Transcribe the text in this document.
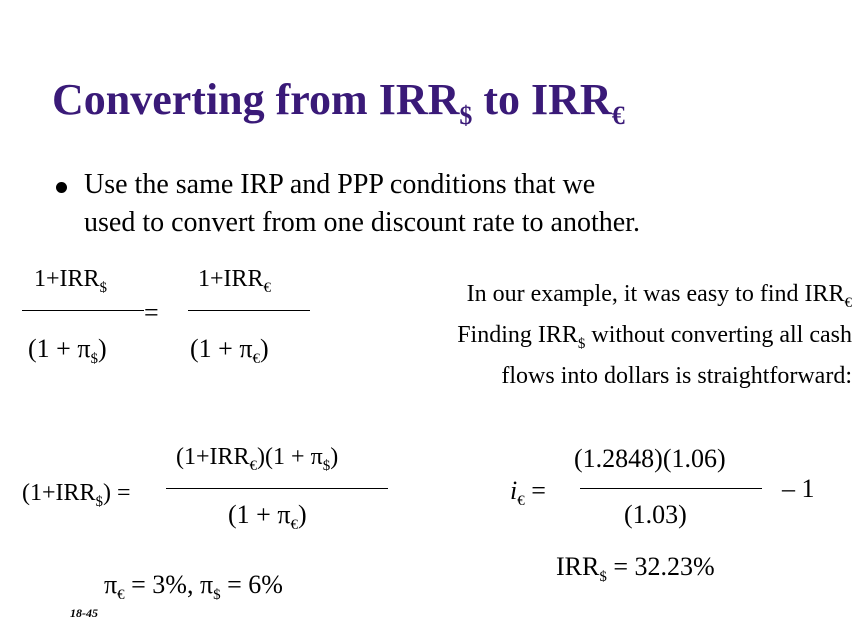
Converting from $IRR_{\$}$ to $IRR_€$
Use the same IRP and PPP conditions that we
used to convert from one discount rate to another.
$1+IRR_{\$}$
$(1 + \pi_{\$})$
=
$1+IRR_€$
$(1 + \pi_€)$
In our example, it was easy to find $IRR_€$
Finding $IRR_{\$}$ without converting all cash
flows into dollars is straightforward:
$(1+IRR_{\$})$ =
$(1+IRR_€)(1 + \pi_{\$})$
$(1 + \pi_€)$
$i_€$ =
(1.2848)(1.06)
(1.03)
– 1
$IRR_{\$} = 32.23\%$
$\pi_€ = 3\%$, $\pi_{\$} = 6\%$
18-45
